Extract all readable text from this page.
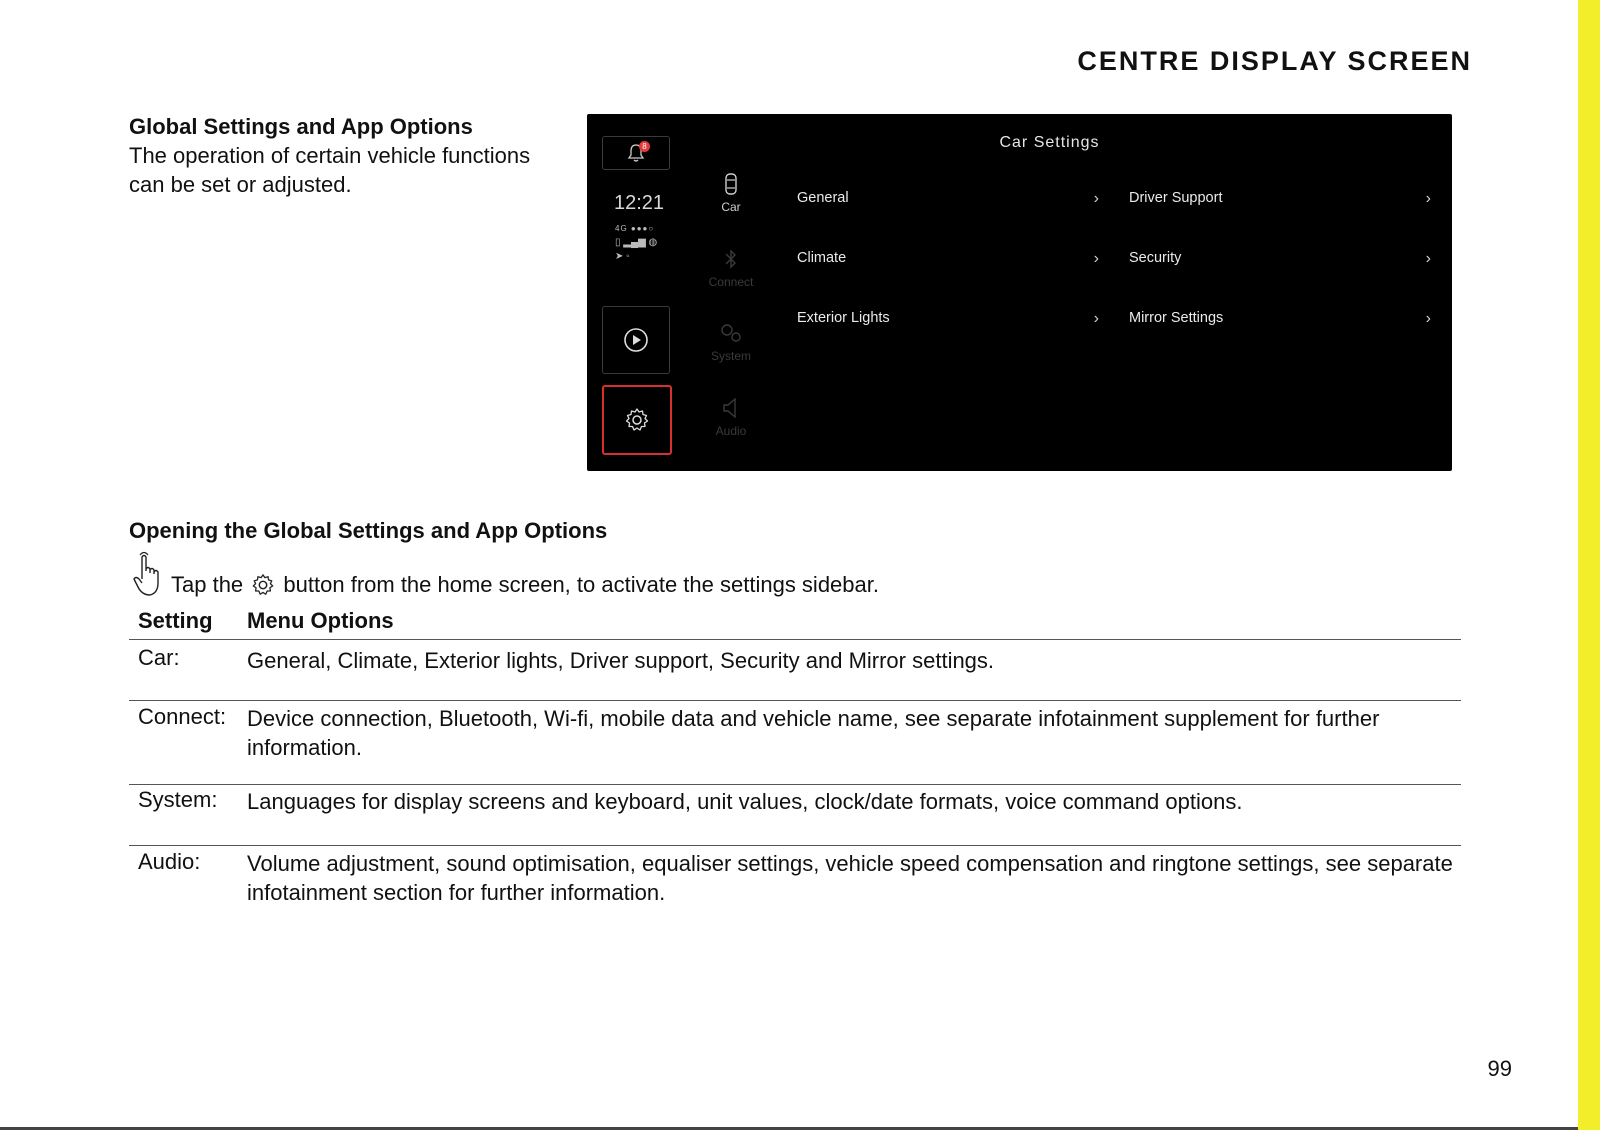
CENTRE DISPLAY SCREEN
Global Settings and App Options
The operation of certain vehicle functions can be set or adjusted.
8
12:21
4G ●●●○
▯ ▂▄▆ ◍
➤ ◦
Car
Connect
System
Audio
Car Settings
General	› Driver Support	›
Climate	› Security	›
Exterior Lights	› Mirror Settings	›
Opening the Global Settings and App Options
Tap the button from the home screen, to activate the settings sidebar.
Setting Menu Options
Car:	General, Climate, Exterior lights, Driver support, Security and Mirror settings.
Connect: Device connection, Bluetooth, Wi-fi, mobile data and vehicle name, see separate infotainment supplement for further information.
System: Languages for display screens and keyboard, unit values, clock/date formats, voice command options.
Audio: Volume adjustment, sound optimisation, equaliser settings, vehicle speed compensation and ringtone settings, see separate infotainment section for further information.
99
